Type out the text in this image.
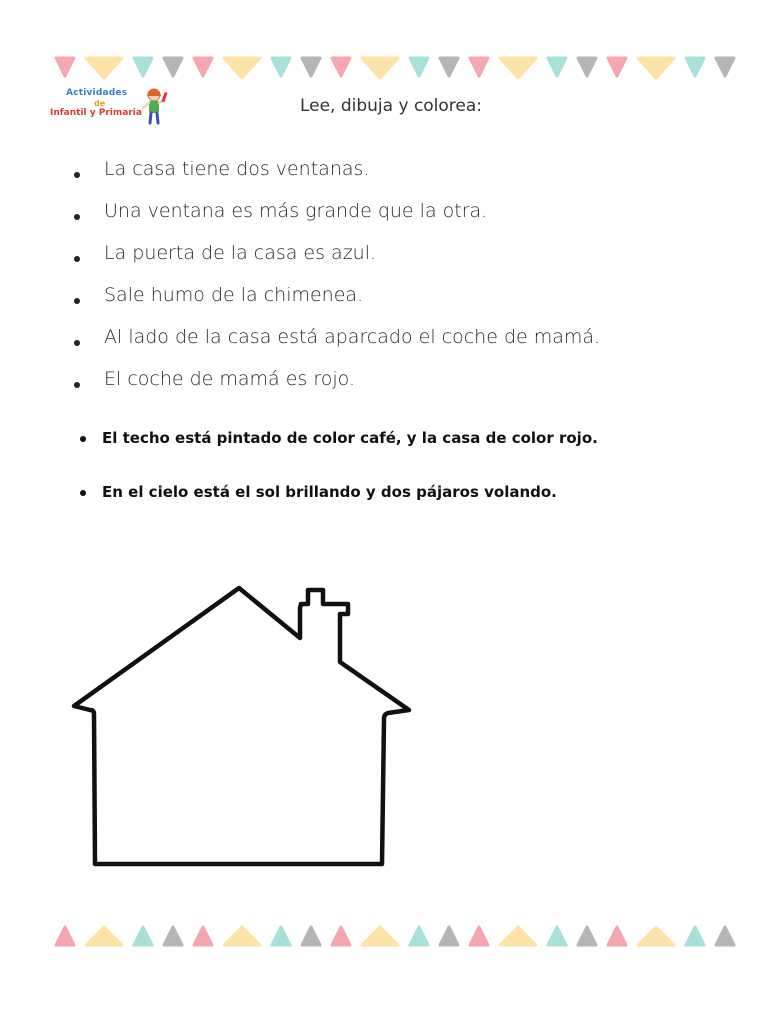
Actividades
de
Infantil y Primaria	Lee, dibuja y colorea:
La casa tiene dos ventanas.
Una ventana es más grande que la otra.
La puerta de la casa es azul.
Sale humo de la chimenea.
Al lado de la casa está aparcado el coche de mamá.
El coche de mamá es rojo.
El techo está pintado de color café, y la casa de color rojo.
En el cielo está el sol brillando y dos pájaros volando.
